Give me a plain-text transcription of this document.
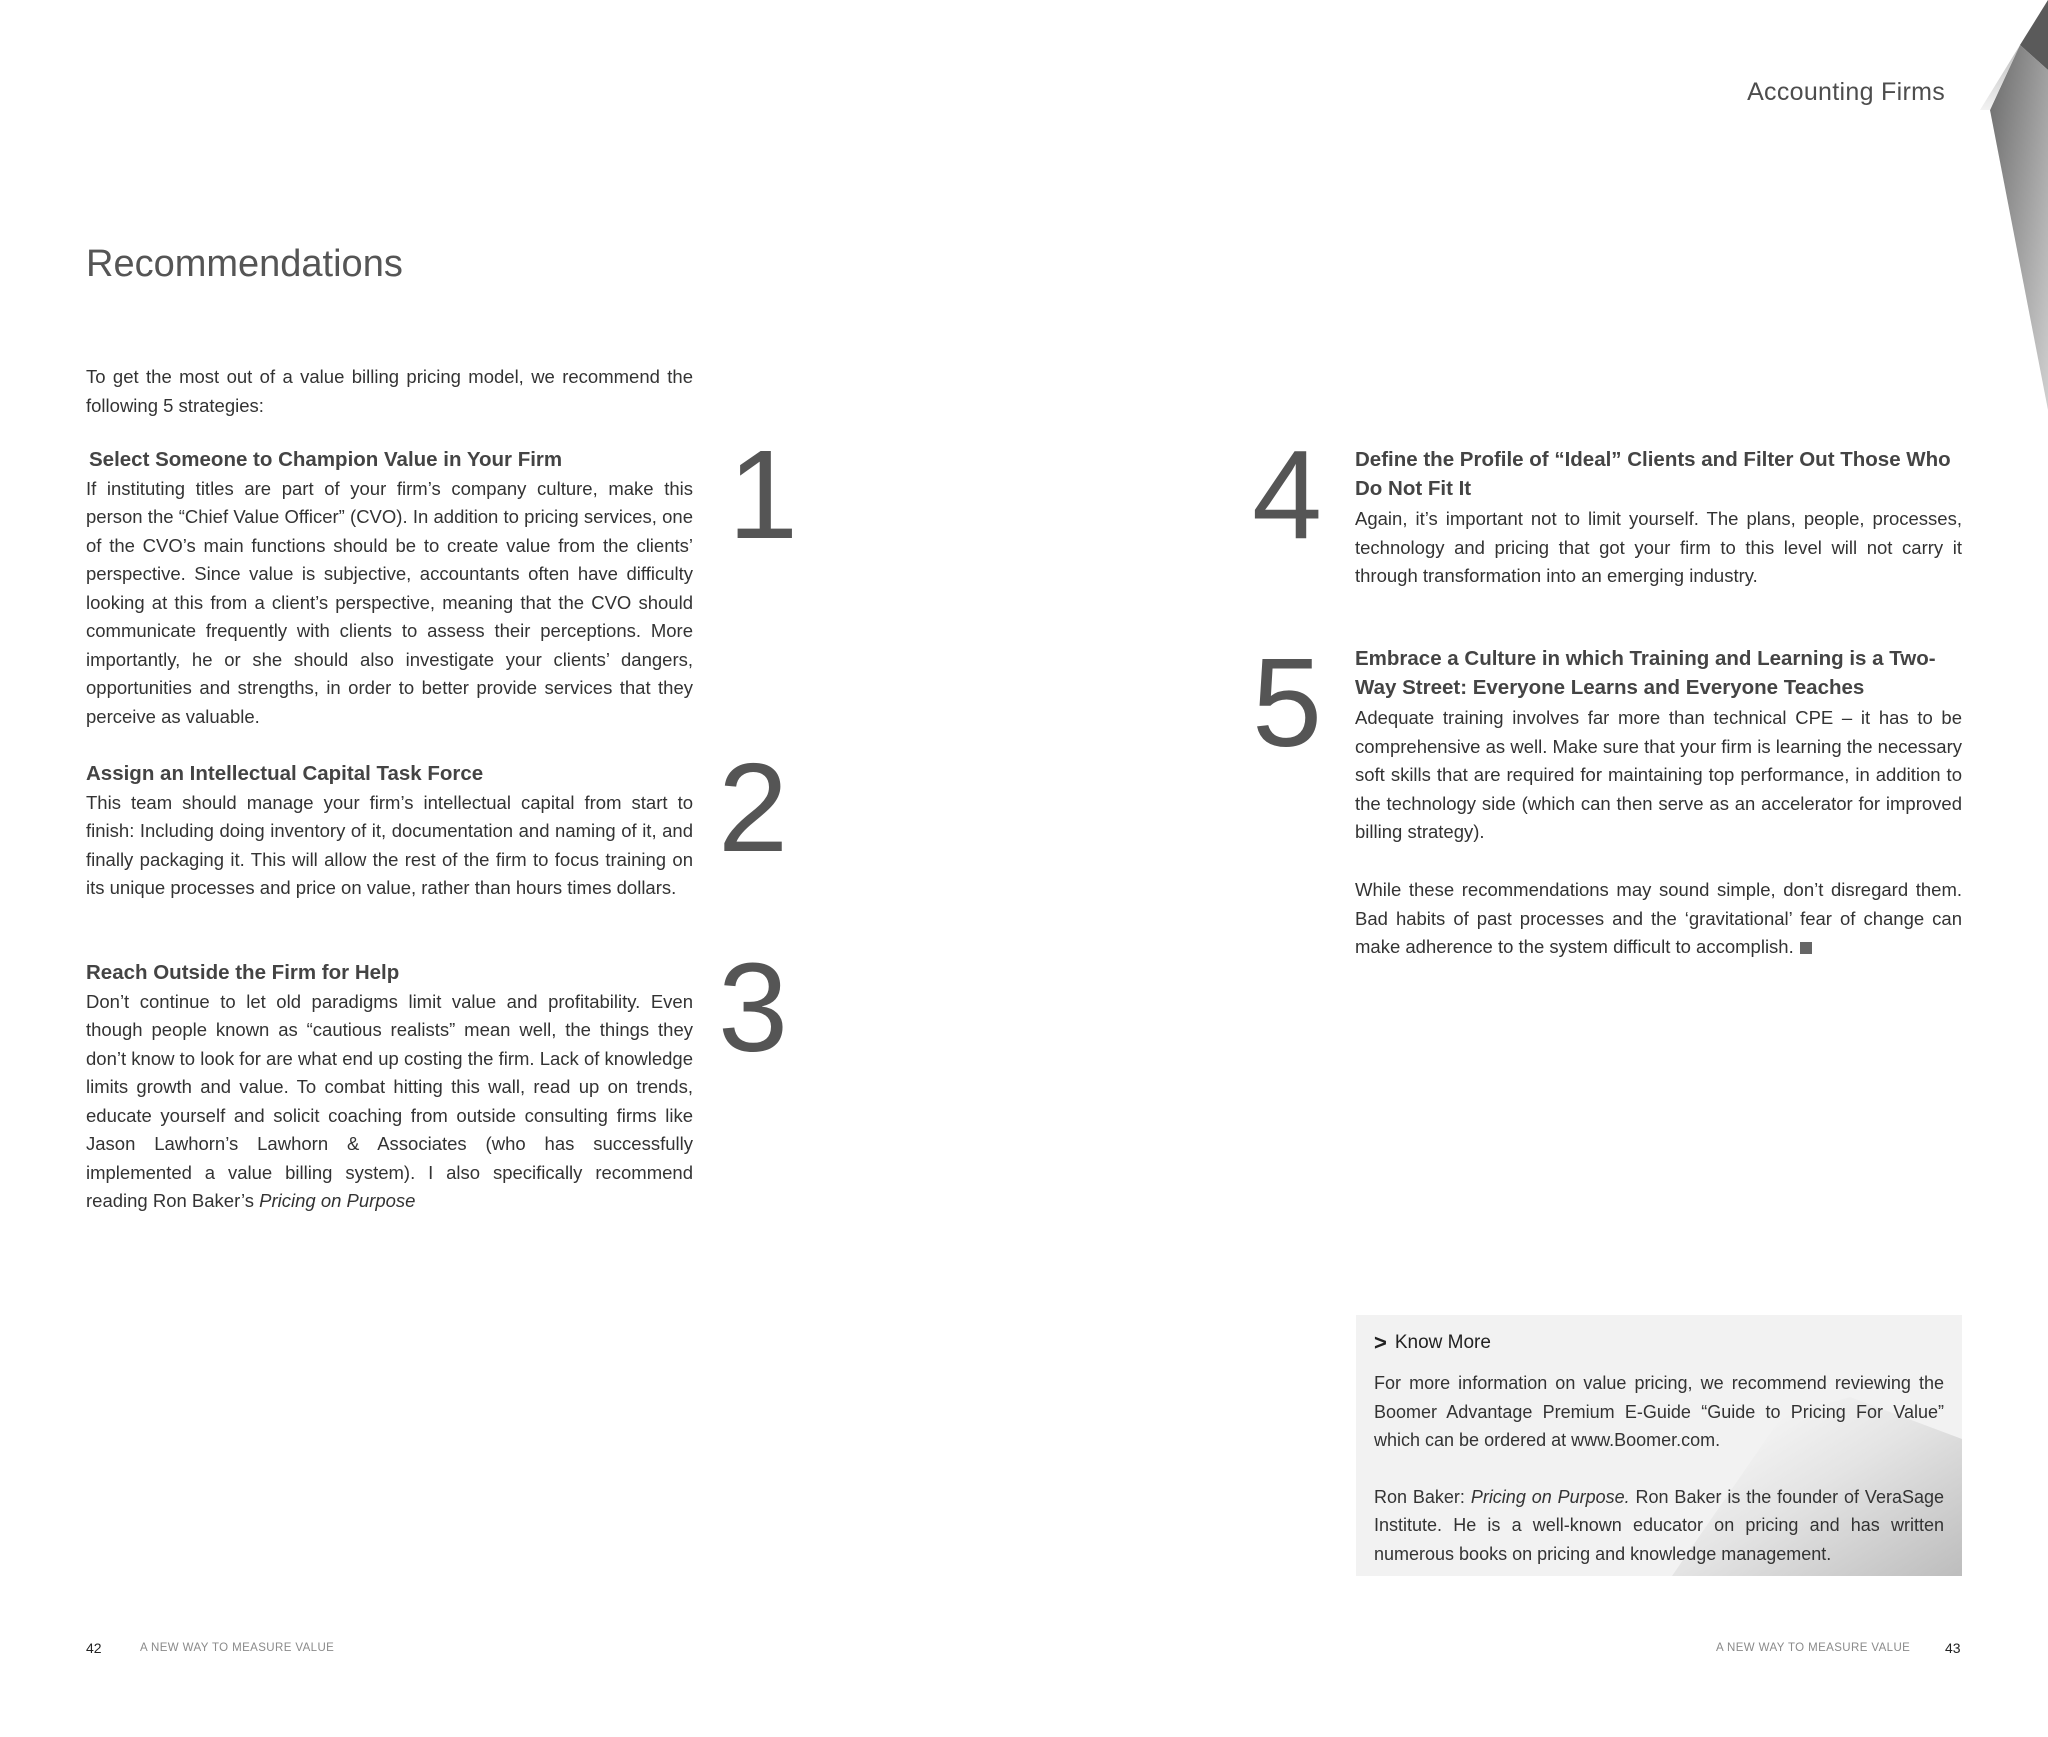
Accounting Firms
Recommendations

To get the most out of a value billing pricing model, we recommend the following 5 strategies:

Select Someone to Champion Value in Your Firm

If instituting titles are part of your firm’s company culture, make this person the “Chief Value Officer” (CVO). In addition to pricing services, one of the CVO’s main functions should be to create value from the clients’ perspective. Since value is subjective, accountants often have difficulty looking at this from a client’s perspective, meaning that the CVO should communicate frequently with clients to assess their perceptions. More importantly, he or she should also investigate your clients’ dangers, opportunities and strengths, in order to better provide services that they perceive as valuable.

1
Assign an Intellectual Capital Task Force

This team should manage your firm’s intellectual capital from start to finish: Including doing inventory of it, documentation and naming of it, and finally packaging it. This will allow the rest of the firm to focus training on its unique processes and price on value, rather than hours times dollars.

2
Reach Outside the Firm for Help

Don’t continue to let old paradigms limit value and profitability. Even though people known as “cautious realists” mean well, the things they don’t know to look for are what end up costing the firm. Lack of knowledge limits growth and value. To combat hitting this wall, read up on trends, educate yourself and solicit coaching from outside consulting firms like Jason Lawhorn’s Lawhorn & Associates (who has successfully implemented a value billing system). I also specifically recommend reading Ron Baker’s Pricing on Purpose

3
4 Define the Profile of “Ideal” Clients and Filter Out Those Who Do Not Fit It

Again, it’s important not to limit yourself. The plans, people, processes, technology and pricing that got your firm to this level will not carry it through transformation into an emerging industry.

5 Embrace a Culture in which Training and Learning is a Two-Way Street: Everyone Learns and Everyone Teaches

Adequate training involves far more than technical CPE – it has to be comprehensive as well. Make sure that your firm is learning the necessary soft skills that are required for maintaining top performance, in addition to the technology side (which can then serve as an accelerator for improved billing strategy).

While these recommendations may sound simple, don’t disregard them. Bad habits of past processes and the ‘gravitational’ fear of change can make adherence to the system difficult to accomplish.

> Know More

For more information on value pricing, we recommend reviewing the Boomer Advantage Premium E-Guide “Guide to Pricing For Value” which can be ordered at www.Boomer.com.

Ron Baker: Pricing on Purpose. Ron Baker is the founder of VeraSage Institute. He is a well-known educator on pricing and has written numerous books on pricing and knowledge management.

42	A NEW WAY TO MEASURE VALUE	A NEW WAY TO MEASURE VALUE 43
